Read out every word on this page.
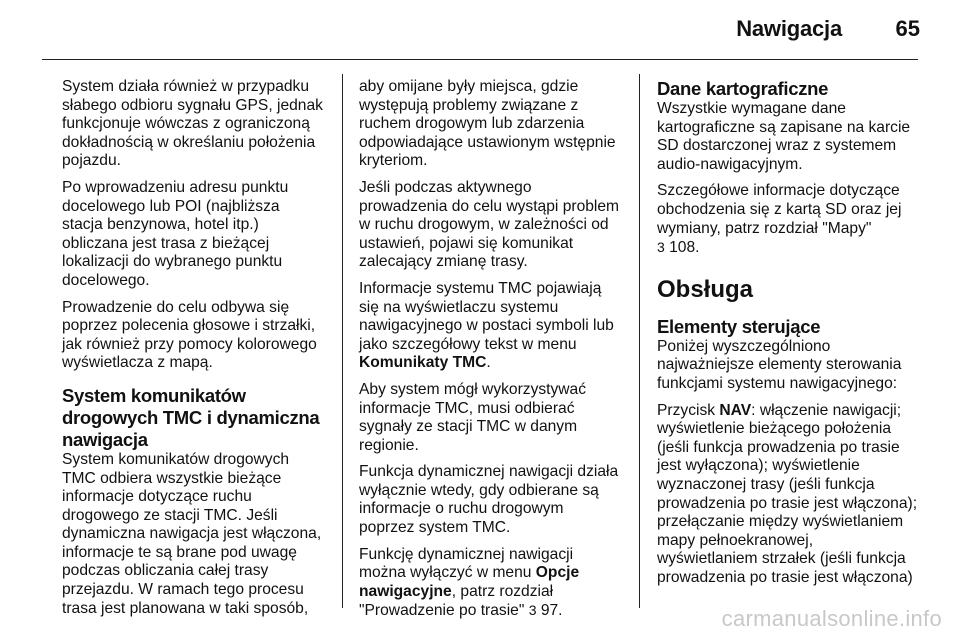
Nawigacja 65

System działa również w przypadku
słabego odbioru sygnału GPS, jednak
funkcjonuje wówczas z ograniczoną
dokładnością w określaniu położenia
pojazdu.

Po wprowadzeniu adresu punktu
docelowego lub POI (najbliższa
stacja benzynowa, hotel itp.)
obliczana jest trasa z bieżącej
lokalizacji do wybranego punktu
docelowego.

Prowadzenie do celu odbywa się
poprzez polecenia głosowe i strzałki,
jak również przy pomocy kolorowego
wyświetlacza z mapą.

System komunikatów
drogowych TMC i dynamiczna
nawigacja

System komunikatów drogowych
TMC odbiera wszystkie bieżące
informacje dotyczące ruchu
drogowego ze stacji TMC. Jeśli
dynamiczna nawigacja jest włączona,
informacje te są brane pod uwagę
podczas obliczania całej trasy
przejazdu. W ramach tego procesu
trasa jest planowana w taki sposób,

aby omijane były miejsca, gdzie
występują problemy związane z
ruchem drogowym lub zdarzenia
odpowiadające ustawionym wstępnie
kryteriom.

Jeśli podczas aktywnego
prowadzenia do celu wystąpi problem
w ruchu drogowym, w zależności od
ustawień, pojawi się komunikat
zalecający zmianę trasy.

Informacje systemu TMC pojawiają
się na wyświetlaczu systemu
nawigacyjnego w postaci symboli lub
jako szczegółowy tekst w menu
Komunikaty TMC.

Aby system mógł wykorzystywać
informacje TMC, musi odbierać
sygnały ze stacji TMC w danym
regionie.

Funkcja dynamicznej nawigacji działa
wyłącznie wtedy, gdy odbierane są
informacje o ruchu drogowym
poprzez system TMC.

Funkcję dynamicznej nawigacji
można wyłączyć w menu Opcje
nawigacyjne, patrz rozdział
"Prowadzenie po trasie" 3 97.

Dane kartograficzne

Wszystkie wymagane dane
kartograficzne są zapisane na karcie
SD dostarczonej wraz z systemem
audio-nawigacyjnym.

Szczegółowe informacje dotyczące
obchodzenia się z kartą SD oraz jej
wymiany, patrz rozdział "Mapy"
3 108.

Obsługa
Elementy sterujące

Poniżej wyszczególniono
najważniejsze elementy sterowania
funkcjami systemu nawigacyjnego:

Przycisk NAV: włączenie nawigacji;
wyświetlenie bieżącego położenia
(jeśli funkcja prowadzenia po trasie
jest wyłączona); wyświetlenie
wyznaczonej trasy (jeśli funkcja
prowadzenia po trasie jest włączona);
przełączanie między wyświetlaniem
mapy pełnoekranowej,
wyświetlaniem strzałek (jeśli funkcja
prowadzenia po trasie jest włączona)

carmanualsonline.info
